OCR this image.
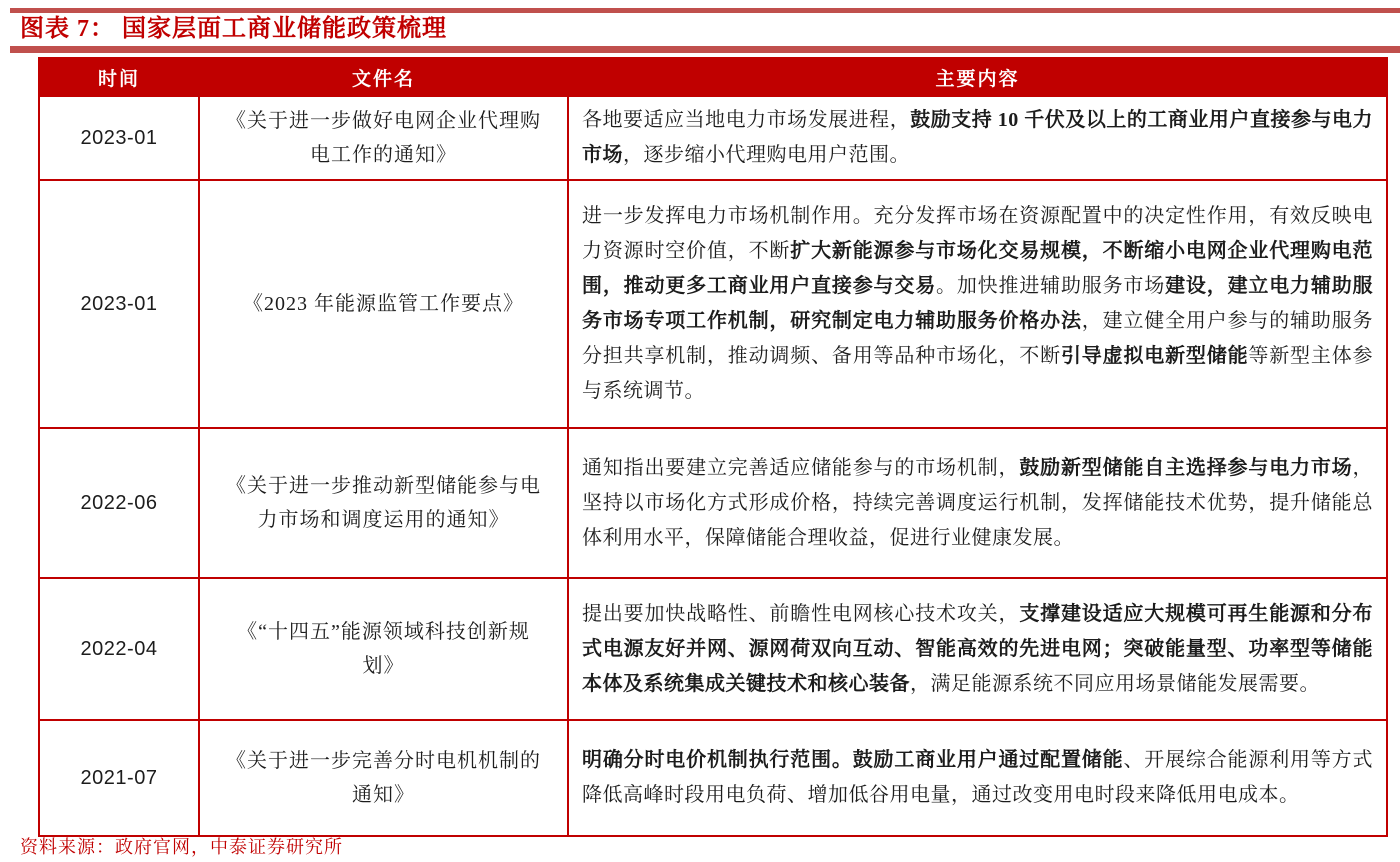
图表 7： 国家层面工商业储能政策梳理
时间	文件名	主要内容
2023-01	《关于进一步做好电网企业代理购电工作的通知》	各地要适应当地电力市场发展进程，鼓励支持 10 千伏及以上的工商业用户直接参与电力市场，逐步缩小代理购电用户范围。
2023-01	《2023 年能源监管工作要点》	进一步发挥电力市场机制作用。充分发挥市场在资源配置中的决定性作用，有效反映电力资源时空价值，不断扩大新能源参与市场化交易规模，不断缩小电网企业代理购电范围，推动更多工商业用户直接参与交易。加快推进辅助服务市场建设，建立电力辅助服务市场专项工作机制，研究制定电力辅助服务价格办法，建立健全用户参与的辅助服务分担共享机制，推动调频、备用等品种市场化，不断引导虚拟电新型储能等新型主体参与系统调节。
2022-06	《关于进一步推动新型储能参与电力市场和调度运用的通知》	通知指出要建立完善适应储能参与的市场机制，鼓励新型储能自主选择参与电力市场，坚持以市场化方式形成价格，持续完善调度运行机制，发挥储能技术优势，提升储能总体利用水平，保障储能合理收益，促进行业健康发展。
2022-04	《“十四五”能源领域科技创新规划》	提出要加快战略性、前瞻性电网核心技术攻关，支撑建设适应大规模可再生能源和分布式电源友好并网、源网荷双向互动、智能高效的先进电网；突破能量型、功率型等储能本体及系统集成关键技术和核心装备，满足能源系统不同应用场景储能发展需要。
2021-07	《关于进一步完善分时电机机制的通知》	明确分时电价机制执行范围。鼓励工商业用户通过配置储能、开展综合能源利用等方式降低高峰时段用电负荷、增加低谷用电量，通过改变用电时段来降低用电成本。
资料来源：政府官网，中泰证券研究所
